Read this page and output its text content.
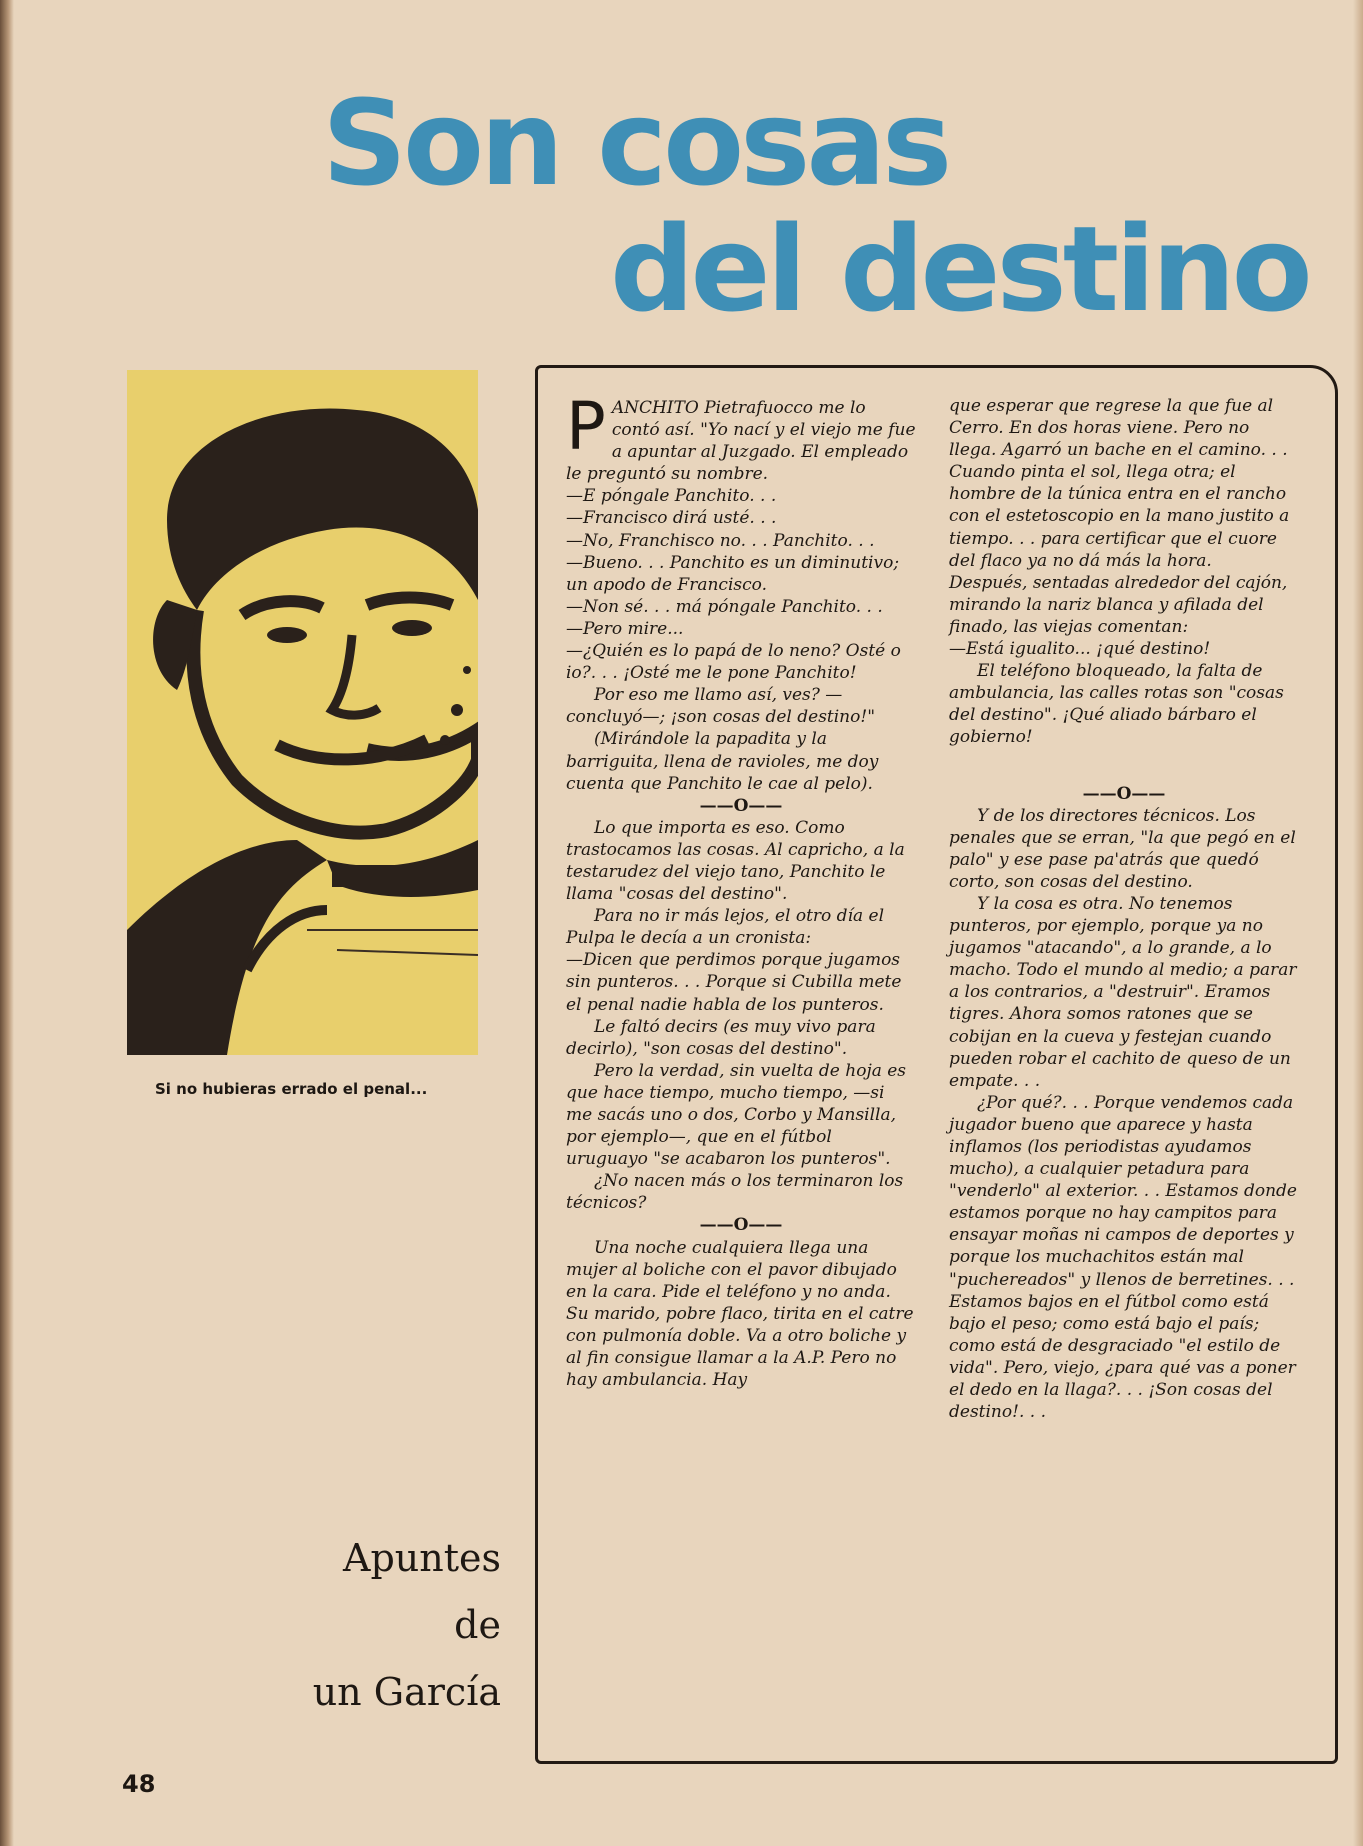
Son cosas
del destino
Si no hubieras errado el penal...

PANCHITO Pietrafuocco me lo contó así. "Yo nací y el viejo me fue a apuntar al Juzgado. El empleado le preguntó su nombre.

—E póngale Panchito. . .

—Francisco dirá usté. . .

—No, Franchisco no. . . Panchito. . .

—Bueno. . . Panchito es un diminutivo; un apodo de Francisco.

—Non sé. . . má póngale Panchito. . .

—Pero mire...

—¿Quién es lo papá de lo neno? Osté o io?. . . ¡Osté me le pone Panchito!

Por eso me llamo así, ves? —concluyó—; ¡son cosas del destino!"

(Mirándole la papadita y la barriguita, llena de ravioles, me doy cuenta que Panchito le cae al pelo).

——O——

Lo que importa es eso. Como trastocamos las cosas. Al capricho, a la testarudez del viejo tano, Panchito le llama "cosas del destino".

Para no ir más lejos, el otro día el Pulpa le decía a un cronista:

—Dicen que perdimos porque jugamos sin punteros. . . Porque si Cubilla mete el penal nadie habla de los punteros.

Le faltó decirs (es muy vivo para decirlo), "son cosas del destino".

Pero la verdad, sin vuelta de hoja es que hace tiempo, mucho tiempo, —si me sacás uno o dos, Corbo y Mansilla, por ejemplo—, que en el fútbol uruguayo "se acabaron los punteros".

¿No nacen más o los terminaron los técnicos?

——O——

Una noche cualquiera llega una mujer al boliche con el pavor dibujado en la cara. Pide el teléfono y no anda. Su marido, pobre flaco, tirita en el catre con pulmonía doble. Va a otro boliche y al fin consigue llamar a la A.P. Pero no hay ambulancia. Hay

que esperar que regrese la que fue al Cerro. En dos horas viene. Pero no llega. Agarró un bache en el camino. . . Cuando pinta el sol, llega otra; el hombre de la túnica entra en el rancho con el estetoscopio en la mano justito a tiempo. . . para certificar que el cuore del flaco ya no dá más la hora.

Después, sentadas alrededor del cajón, mirando la nariz blanca y afilada del finado, las viejas comentan:

—Está igualito... ¡qué destino!

El teléfono bloqueado, la falta de ambulancia, las calles rotas son "cosas del destino". ¡Qué aliado bárbaro el gobierno!

——O——

Y de los directores técnicos. Los penales que se erran, "la que pegó en el palo" y ese pase pa'atrás que quedó corto, son cosas del destino.

Y la cosa es otra. No tenemos punteros, por ejemplo, porque ya no jugamos "atacando", a lo grande, a lo macho. Todo el mundo al medio; a parar a los contrarios, a "destruir". Eramos tigres. Ahora somos ratones que se cobijan en la cueva y festejan cuando pueden robar el cachito de queso de un empate. . .

¿Por qué?. . . Porque vendemos cada jugador bueno que aparece y hasta inflamos (los periodistas ayudamos mucho), a cualquier petadura para "venderlo" al exterior. . . Estamos donde estamos porque no hay campitos para ensayar moñas ni campos de deportes y porque los muchachitos están mal "puchereados" y llenos de berretines. . . Estamos bajos en el fútbol como está bajo el peso; como está bajo el país; como está de desgraciado "el estilo de vida". Pero, viejo, ¿para qué vas a poner el dedo en la llaga?. . . ¡Son cosas del destino!. . .

Apuntes
de
un García
48
